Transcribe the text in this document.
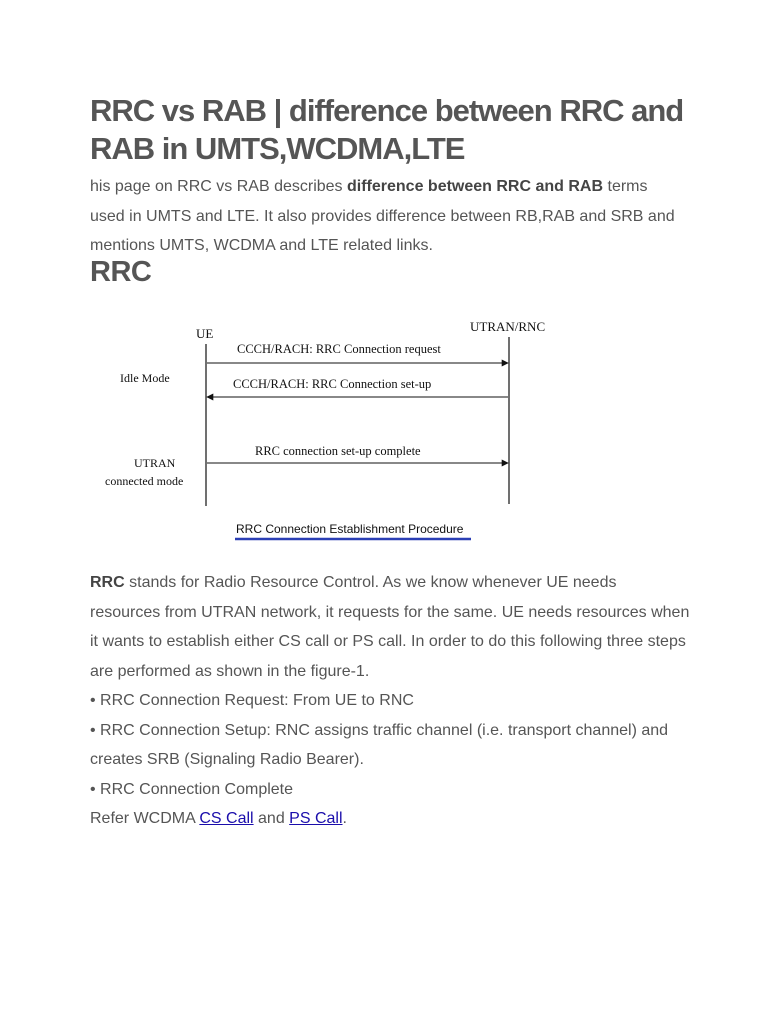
RRC vs RAB | difference between RRC and RAB in UMTS,WCDMA,LTE

his page on RRC vs RAB describes difference between RRC and RAB terms used in UMTS and LTE. It also provides difference between RB,RAB and SRB and mentions UMTS, WCDMA and LTE related links.

RRC
UE	UTRAN/RNC
Idle Mode
UTRAN
connected mode
CCCH/RACH: RRC Connection request
CCCH/RACH: RRC Connection set-up
RRC connection set-up complete
RRC Connection Establishment Procedure

RRC stands for Radio Resource Control. As we know whenever UE needs resources from UTRAN network, it requests for the same. UE needs resources when it wants to establish either CS call or PS call. In order to do this following three steps are performed as shown in the figure-1.

• RRC Connection Request: From UE to RNC

• RRC Connection Setup: RNC assigns traffic channel (i.e. transport channel) and creates SRB (Signaling Radio Bearer).

• RRC Connection Complete

Refer WCDMA CS Call and PS Call.
